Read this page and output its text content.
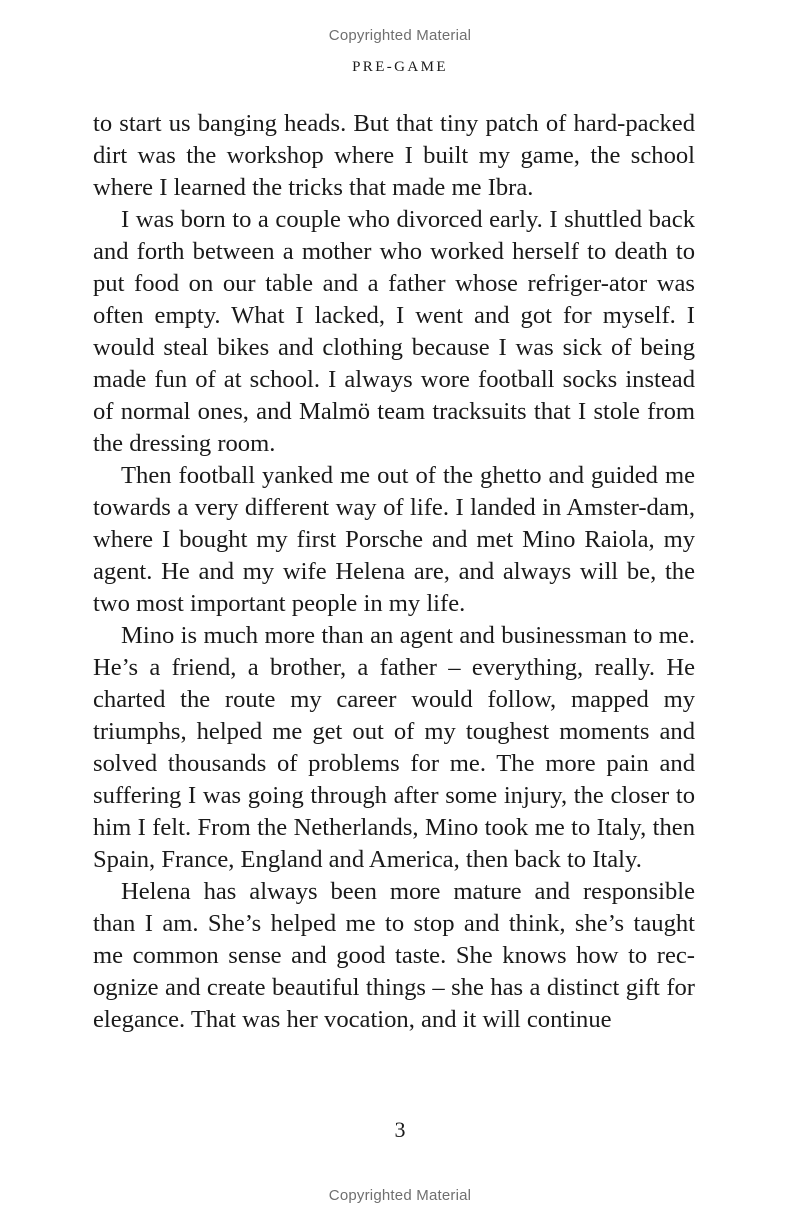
Copyrighted Material
PRE-GAME

to start us banging heads. But that tiny patch of hard-packed dirt was the workshop where I built my game, the school where I learned the tricks that made me Ibra.

I was born to a couple who divorced early. I shuttled back and forth between a mother who worked herself to death to put food on our table and a father whose refriger-ator was often empty. What I lacked, I went and got for myself. I would steal bikes and clothing because I was sick of being made fun of at school. I always wore football socks instead of normal ones, and Malmö team tracksuits that I stole from the dressing room.

Then football yanked me out of the ghetto and guided me towards a very different way of life. I landed in Amster-dam, where I bought my first Porsche and met Mino Raiola, my agent. He and my wife Helena are, and always will be, the two most important people in my life.

Mino is much more than an agent and businessman to me. He’s a friend, a brother, a father – everything, really. He charted the route my career would follow, mapped my triumphs, helped me get out of my toughest moments and solved thousands of problems for me. The more pain and suffering I was going through after some injury, the closer to him I felt. From the Netherlands, Mino took me to Italy, then Spain, France, England and America, then back to Italy.

Helena has always been more mature and responsible than I am. She’s helped me to stop and think, she’s taught me common sense and good taste. She knows how to rec-ognize and create beautiful things – she has a distinct gift for elegance. That was her vocation, and it will continue

3
Copyrighted Material
